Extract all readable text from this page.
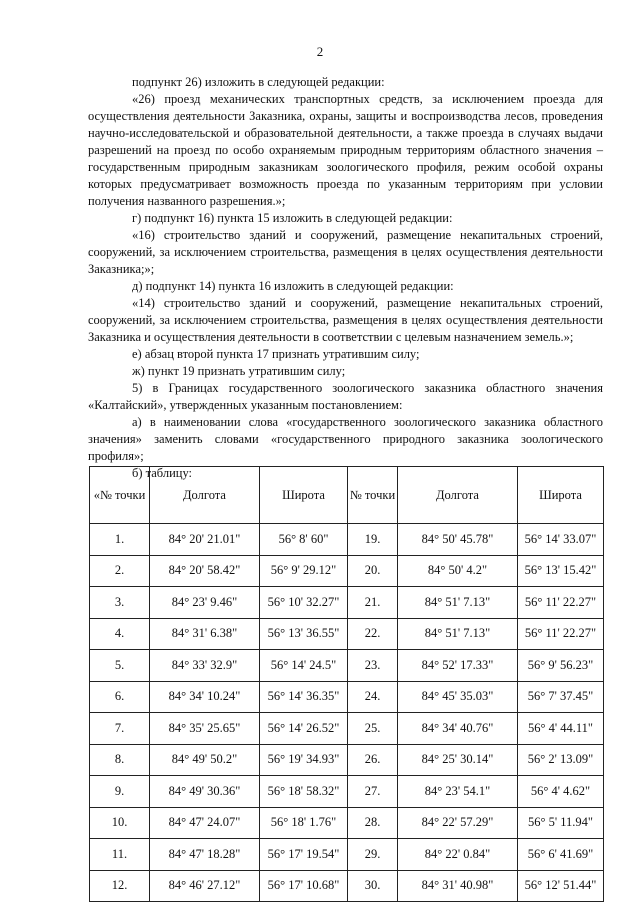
2

подпункт 26) изложить в следующей редакции:

«26) проезд механических транспортных средств, за исключением проезда для осуществления деятельности Заказника, охраны, защиты и воспроизводства лесов, проведения научно-исследовательской и образовательной деятельности, а также проезда в случаях выдачи разрешений на проезд по особо охраняемым природным территориям областного значения – государственным природным заказникам зоологического профиля, режим особой охраны которых предусматривает возможность проезда по указанным территориям при условии получения названного разрешения.»;

г) подпункт 16) пункта 15 изложить в следующей редакции:

«16) строительство зданий и сооружений, размещение некапитальных строений, сооружений, за исключением строительства, размещения в целях осуществления деятельности Заказника;»;

д) подпункт 14) пункта 16 изложить в следующей редакции:

«14) строительство зданий и сооружений, размещение некапитальных строений, сооружений, за исключением строительства, размещения в целях осуществления деятельности Заказника и осуществления деятельности в соответствии с целевым назначением земель.»;

е) абзац второй пункта 17 признать утратившим силу;

ж) пункт 19 признать утратившим силу;

5) в Границах государственного зоологического заказника областного значения «Калтайский», утвержденных указанным постановлением:

а) в наименовании слова «государственного зоологического заказника областного значения» заменить словами «государственного природного заказника зоологического профиля»;

б) таблицу:

«№ точки	Долгота	Широта	№ точки	Долгота	Широта
1.	84° 20' 21.01"	56° 8' 60"	19.	84° 50' 45.78"	56° 14' 33.07"
2.	84° 20' 58.42"	56° 9' 29.12"	20.	84° 50' 4.2"	56° 13' 15.42"
3.	84° 23' 9.46"	56° 10' 32.27"	21.	84° 51' 7.13"	56° 11' 22.27"
4.	84° 31' 6.38"	56° 13' 36.55"	22.	84° 51' 7.13"	56° 11' 22.27"
5.	84° 33' 32.9"	56° 14' 24.5"	23.	84° 52' 17.33"	56° 9' 56.23"
6.	84° 34' 10.24"	56° 14' 36.35"	24.	84° 45' 35.03"	56° 7' 37.45"
7.	84° 35' 25.65"	56° 14' 26.52"	25.	84° 34' 40.76"	56° 4' 44.11"
8.	84° 49' 50.2"	56° 19' 34.93"	26.	84° 25' 30.14"	56° 2' 13.09"
9.	84° 49' 30.36"	56° 18' 58.32"	27.	84° 23' 54.1"	56° 4' 4.62"
10.	84° 47' 24.07"	56° 18' 1.76"	28.	84° 22' 57.29"	56° 5' 11.94"
11.	84° 47' 18.28"	56° 17' 19.54"	29.	84° 22' 0.84"	56° 6' 41.69"
12.	84° 46' 27.12"	56° 17' 10.68"	30.	84° 31' 40.98"	56° 12' 51.44"
